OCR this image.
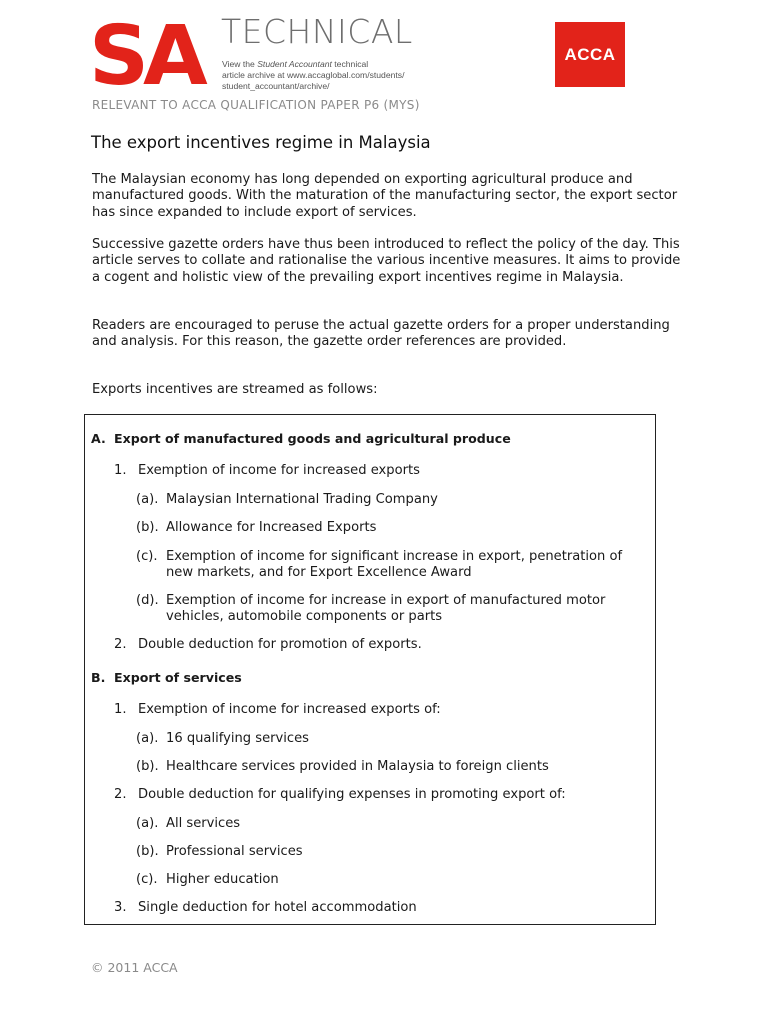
SA TECHNICAL
View the Student Accountant technical
article archive at www.accaglobal.com/students/
student_accountant/archive/
ACCA
RELEVANT TO ACCA QUALIFICATION PAPER P6 (MYS)
The export incentives regime in Malaysia
The Malaysian economy has long depended on exporting agricultural produce and manufactured goods. With the maturation of the manufacturing sector, the export sector has since expanded to include export of services.
Successive gazette orders have thus been introduced to reflect the policy of the day. This article serves to collate and rationalise the various incentive measures. It aims to provide a cogent and holistic view of the prevailing export incentives regime in Malaysia.
Readers are encouraged to peruse the actual gazette orders for a proper understanding and analysis. For this reason, the gazette order references are provided.
Exports incentives are streamed as follows:
A. Export of manufactured goods and agricultural produce
1. Exemption of income for increased exports
(a). Malaysian International Trading Company
(b). Allowance for Increased Exports
(c). Exemption of income for significant increase in export, penetration of new markets, and for Export Excellence Award
(d). Exemption of income for increase in export of manufactured motor vehicles, automobile components or parts
2. Double deduction for promotion of exports.
B. Export of services
1. Exemption of income for increased exports of:
(a). 16 qualifying services
(b). Healthcare services provided in Malaysia to foreign clients
2. Double deduction for qualifying expenses in promoting export of:
(a). All services
(b). Professional services
(c). Higher education
3. Single deduction for hotel accommodation
© 2011 ACCA
